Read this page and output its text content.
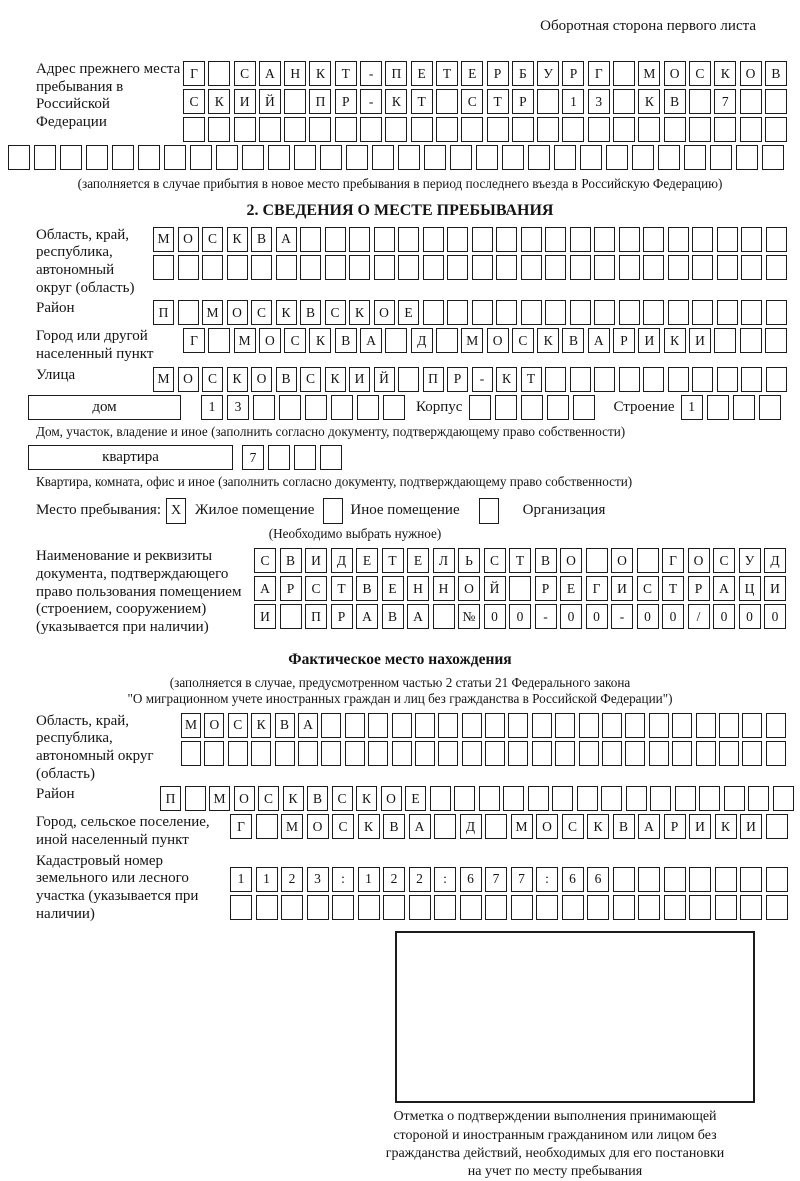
Оборотная сторона первого листа
Адрес прежнего места пребывания в Российской Федерации
Г	С	А	Н	К	Т	-	П	Е	Т	Е	Р	Б	У	Р	Г	М	О	С	К	О	В
С	К	И	Й	П	Р	-	К	Т	С	Т	Р	1	3	К	В	7
(заполняется в случае прибытия в новое место пребывания в период последнего въезда в Российскую Федерацию)
2. СВЕДЕНИЯ О МЕСТЕ ПРЕБЫВАНИЯ
Область, край, республика, автономный округ (область)
М	О	С	К	В	А
Район	П	М	О	С	К	В	С	К	О	Е
Город или другой населенный пункт
Г	М	О	С	К	В	А	Д	М	О	С	К	В	А	Р	И	К	И
Улица	М	О	С	К	О	В	С	К	И	Й	П	Р	-	К	Т
дом	1	3	Корпус	Строение	1
Дом, участок, владение и иное (заполнить согласно документу, подтверждающему право собственности)
квартира	7
Квартира, комната, офис и иное (заполнить согласно документу, подтверждающему право собственности)
Место пребывания: X Жилое помещение Иное помещение	Организация
(Необходимо выбрать нужное)
Наименование и реквизиты документа, подтверждающего право пользования помещением (строением, сооружением) (указывается при наличии)
С	В	И	Д	Е	Т	Е	Л	Ь	С	Т	В	О	О	Г	О	С	У	Д
А	Р	С	Т	В	Е	Н	Н	О	Й	Р	Е	Г	И	С	Т	Р	А	Ц	И
И	П	Р	А	В	А	№	0	0	-	0	0	-	0	0	/	0	0	0
Фактическое место нахождения
(заполняется в случае, предусмотренном частью 2 статьи 21 Федерального закона
"О миграционном учете иностранных граждан и лиц без гражданства в Российской Федерации")
Область, край, республика, автономный округ (область)
М О	С	К	В	А
Район	П	М	О	С	К	В	С	К	О	Е
Город, сельское поселение, иной населенный пункт
Г	М	О	С	К	В	А	Д	М	О	С	К	В	А	Р	И	К	И
Кадастровый номер земельного или лесного участка (указывается при наличии)
1	1	2	3	:	1	2	2	:	6	7	7	:	6	6
Отметка о подтверждении выполнения принимающей
стороной и иностранным гражданином или лицом без
гражданства действий, необходимых для его постановки
на учет по месту пребывания
